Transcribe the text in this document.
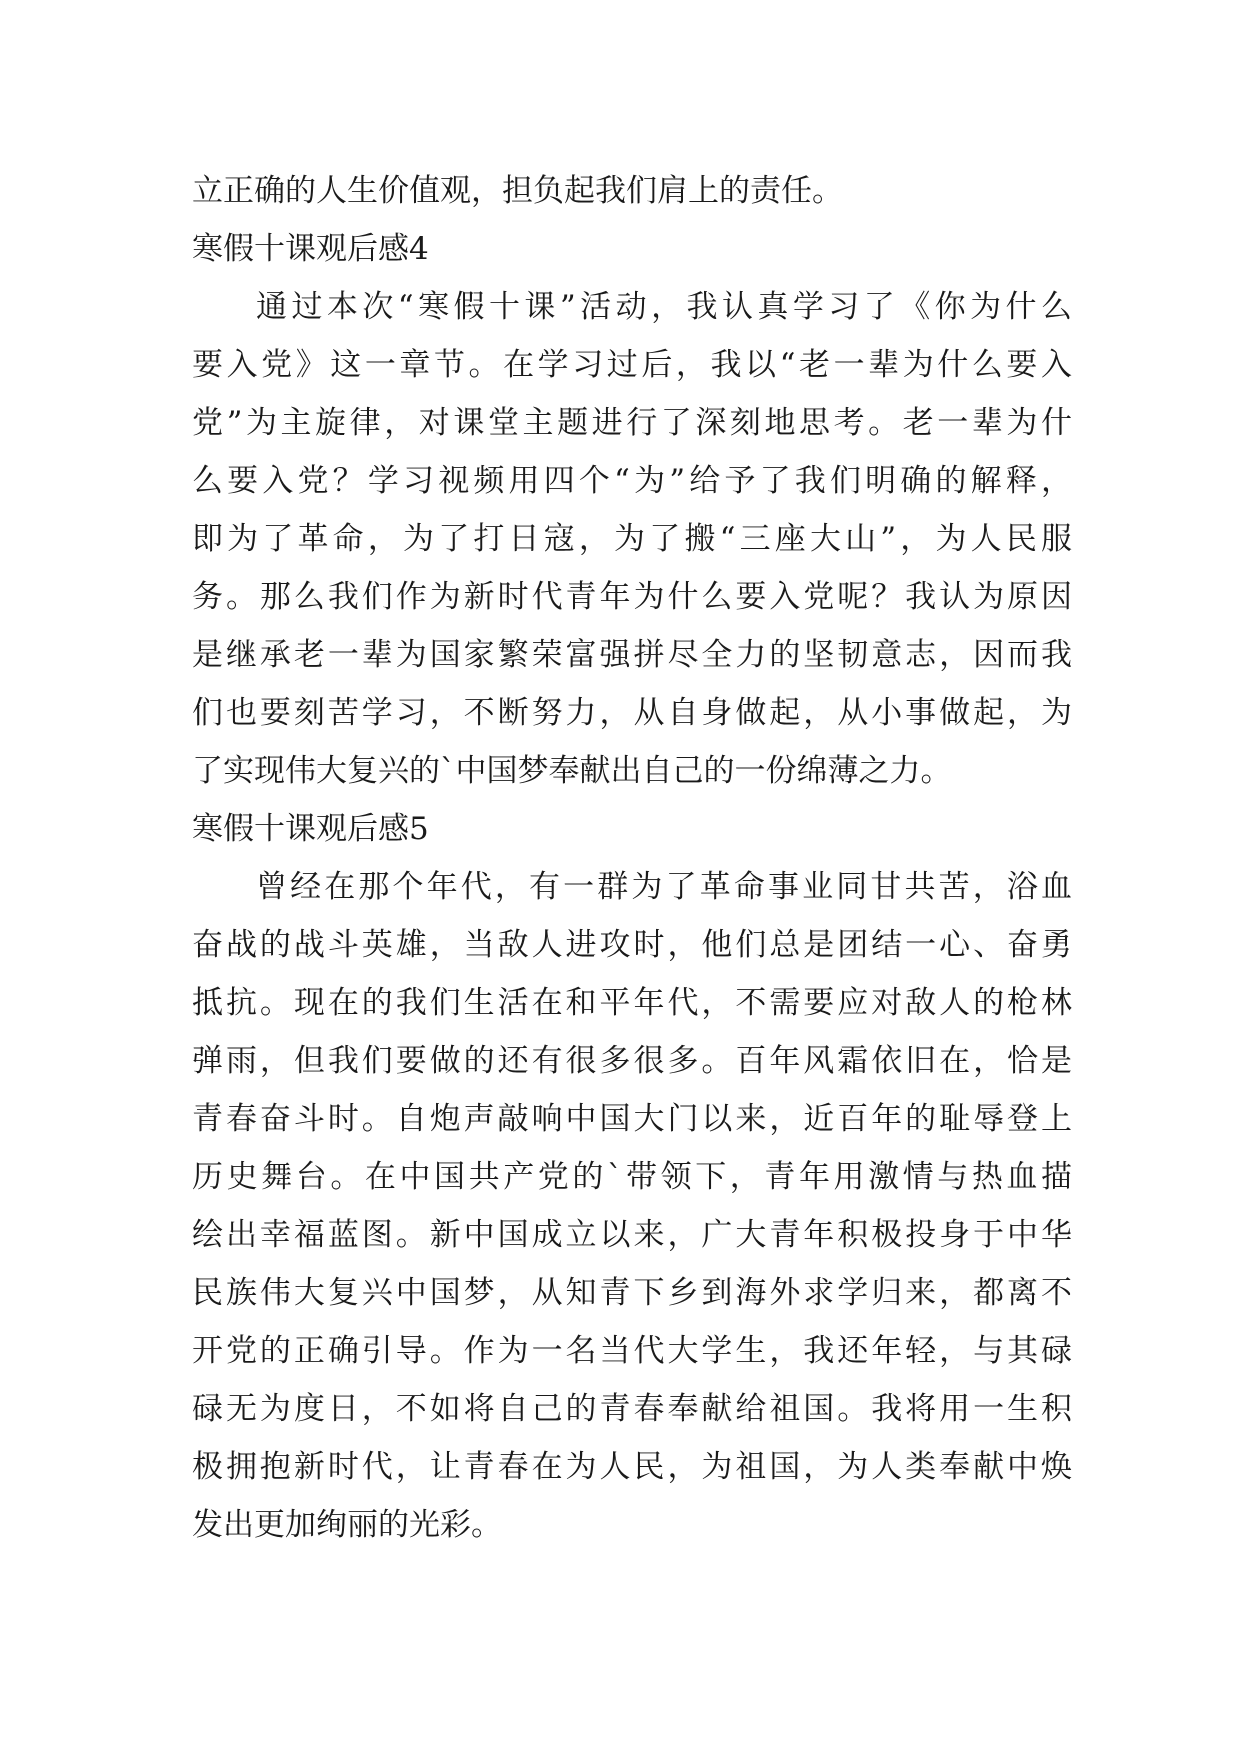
立正确的人生价值观，担负起我们肩上的责任。
寒假十课观后感4
通过本次“寒假十课”活动，我认真学习了《你为什么
要入党》这一章节。在学习过后，我以“老一辈为什么要入
党”为主旋律，对课堂主题进行了深刻地思考。老一辈为什
么要入党？学习视频用四个“为”给予了我们明确的解释，
即为了革命，为了打日寇，为了搬“三座大山”，为人民服
务。那么我们作为新时代青年为什么要入党呢？我认为原因
是继承老一辈为国家繁荣富强拼尽全力的坚韧意志，因而我
们也要刻苦学习，不断努力，从自身做起，从小事做起，为
了实现伟大复兴的`中国梦奉献出自己的一份绵薄之力。
寒假十课观后感5
曾经在那个年代，有一群为了革命事业同甘共苦，浴血
奋战的战斗英雄，当敌人进攻时，他们总是团结一心、奋勇
抵抗。现在的我们生活在和平年代，不需要应对敌人的枪林
弹雨，但我们要做的还有很多很多。百年风霜依旧在，恰是
青春奋斗时。自炮声敲响中国大门以来，近百年的耻辱登上
历史舞台。在中国共产党的`带领下，青年用激情与热血描
绘出幸福蓝图。新中国成立以来，广大青年积极投身于中华
民族伟大复兴中国梦，从知青下乡到海外求学归来，都离不
开党的正确引导。作为一名当代大学生，我还年轻，与其碌
碌无为度日，不如将自己的青春奉献给祖国。我将用一生积
极拥抱新时代，让青春在为人民，为祖国，为人类奉献中焕
发出更加绚丽的光彩。
